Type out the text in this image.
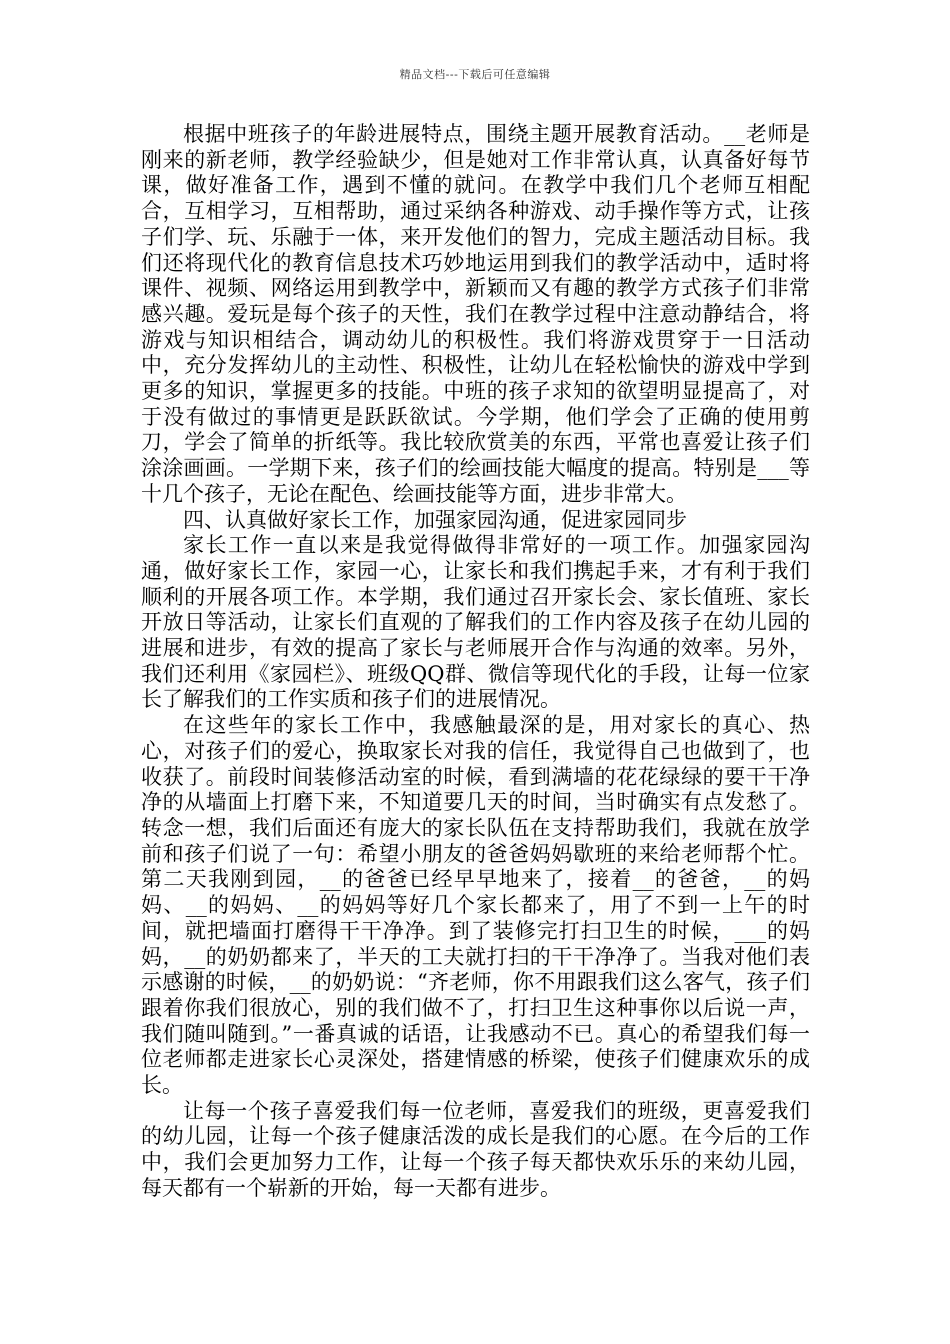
精品文档---下载后可任意编辑

根据中班孩子的年龄进展特点，围绕主题开展教育活动。__老师是刚来的新老师，教学经验缺少，但是她对工作非常认真，认真备好每节课，做好准备工作，遇到不懂的就问。在教学中我们几个老师互相配合，互相学习，互相帮助，通过采纳各种游戏、动手操作等方式，让孩子们学、玩、乐融于一体，来开发他们的智力，完成主题活动目标。我们还将现代化的教育信息技术巧妙地运用到我们的教学活动中，适时将课件、视频、网络运用到教学中，新颖而又有趣的教学方式孩子们非常感兴趣。爱玩是每个孩子的天性，我们在教学过程中注意动静结合，将游戏与知识相结合，调动幼儿的积极性。我们将游戏贯穿于一日活动中，充分发挥幼儿的主动性、积极性，让幼儿在轻松愉快的游戏中学到更多的知识，掌握更多的技能。中班的孩子求知的欲望明显提高了，对于没有做过的事情更是跃跃欲试。今学期，他们学会了正确的使用剪刀，学会了简单的折纸等。我比较欣赏美的东西，平常也喜爱让孩子们涂涂画画。一学期下来，孩子们的绘画技能大幅度的提高。特别是___等十几个孩子，无论在配色、绘画技能等方面，进步非常大。

四、认真做好家长工作，加强家园沟通，促进家园同步

家长工作一直以来是我觉得做得非常好的一项工作。加强家园沟通，做好家长工作，家园一心，让家长和我们携起手来，才有利于我们顺利的开展各项工作。本学期，我们通过召开家长会、家长值班、家长开放日等活动，让家长们直观的了解我们的工作内容及孩子在幼儿园的进展和进步，有效的提高了家长与老师展开合作与沟通的效率。另外，我们还利用《家园栏》、班级QQ群、微信等现代化的手段，让每一位家长了解我们的工作实质和孩子们的进展情况。

在这些年的家长工作中，我感触最深的是，用对家长的真心、热心，对孩子们的爱心，换取家长对我的信任，我觉得自己也做到了，也收获了。前段时间装修活动室的时候，看到满墙的花花绿绿的要干干净净的从墙面上打磨下来，不知道要几天的时间，当时确实有点发愁了。转念一想，我们后面还有庞大的家长队伍在支持帮助我们，我就在放学前和孩子们说了一句：希望小朋友的爸爸妈妈歇班的来给老师帮个忙。第二天我刚到园，__的爸爸已经早早地来了，接着__的爸爸，__的妈妈、__的妈妈、__的妈妈等好几个家长都来了，用了不到一上午的时间，就把墙面打磨得干干净净。到了装修完打扫卫生的时候，___的妈妈，__的奶奶都来了，半天的工夫就打扫的干干净净了。当我对他们表示感谢的时候，__的奶奶说：“齐老师，你不用跟我们这么客气，孩子们跟着你我们很放心，别的我们做不了，打扫卫生这种事你以后说一声，我们随叫随到。”一番真诚的话语，让我感动不已。真心的希望我们每一位老师都走进家长心灵深处，搭建情感的桥梁，使孩子们健康欢乐的成长。

让每一个孩子喜爱我们每一位老师，喜爱我们的班级，更喜爱我们的幼儿园，让每一个孩子健康活泼的成长是我们的心愿。在今后的工作中，我们会更加努力工作，让每一个孩子每天都快欢乐乐的来幼儿园，每天都有一个崭新的开始，每一天都有进步。
